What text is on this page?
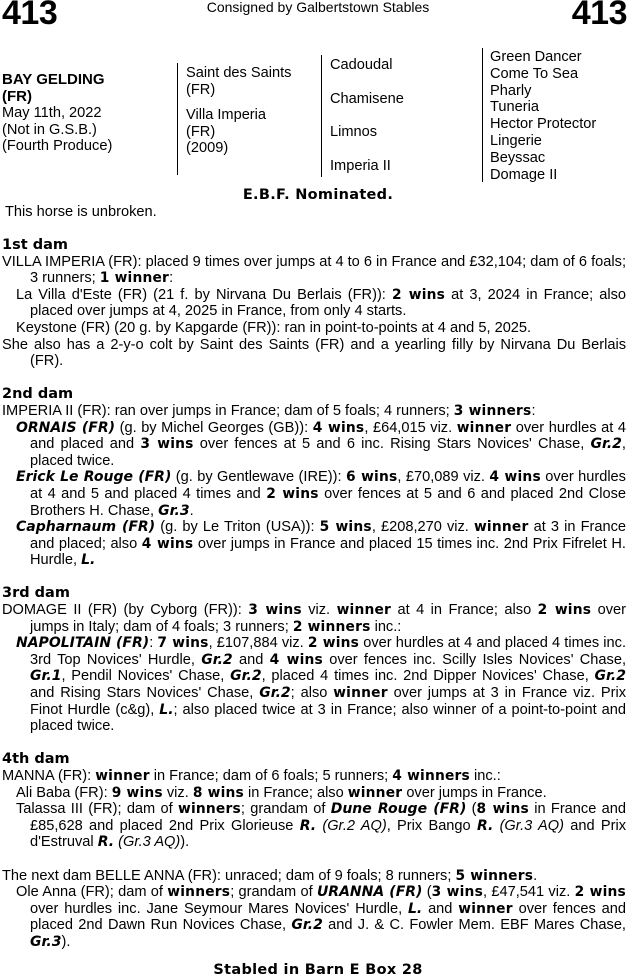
413	Consigned by Galbertstown Stables	413
BAY GELDING
(FR)
May 11th, 2022
(Not in G.S.B.)
(Fourth Produce)
Saint des Saints
(FR)
Villa Imperia
(FR)
(2009)
Cadoudal
Chamisene
Limnos
Imperia II
Green Dancer
Come To Sea
Pharly
Tuneria
Hector Protector
Lingerie
Beyssac
Domage II
E.B.F. Nominated.
This horse is unbroken.
1st dam

VILLA IMPERIA (FR): placed 9 times over jumps at 4 to 6 in France and £32,104; dam of 6 foals; 3 runners; 1 winner:

La Villa d'Este (FR) (21 f. by Nirvana Du Berlais (FR)): 2 wins at 3, 2024 in France; also placed over jumps at 4, 2025 in France, from only 4 starts.

Keystone (FR) (20 g. by Kapgarde (FR)): ran in point-to-points at 4 and 5, 2025.

She also has a 2-y-o colt by Saint des Saints (FR) and a yearling filly by Nirvana Du Berlais (FR).

2nd dam

IMPERIA II (FR): ran over jumps in France; dam of 5 foals; 4 runners; 3 winners:

ORNAIS (FR) (g. by Michel Georges (GB)): 4 wins, £64,015 viz. winner over hurdles at 4 and placed and 3 wins over fences at 5 and 6 inc. Rising Stars Novices' Chase, Gr.2, placed twice.

Erick Le Rouge (FR) (g. by Gentlewave (IRE)): 6 wins, £70,089 viz. 4 wins over hurdles at 4 and 5 and placed 4 times and 2 wins over fences at 5 and 6 and placed 2nd Close Brothers H. Chase, Gr.3.

Capharnaum (FR) (g. by Le Triton (USA)): 5 wins, £208,270 viz. winner at 3 in France and placed; also 4 wins over jumps in France and placed 15 times inc. 2nd Prix Fifrelet H. Hurdle, L.

3rd dam

DOMAGE II (FR) (by Cyborg (FR)): 3 wins viz. winner at 4 in France; also 2 wins over jumps in Italy; dam of 4 foals; 3 runners; 2 winners inc.:

NAPOLITAIN (FR): 7 wins, £107,884 viz. 2 wins over hurdles at 4 and placed 4 times inc. 3rd Top Novices' Hurdle, Gr.2 and 4 wins over fences inc. Scilly Isles Novices' Chase, Gr.1, Pendil Novices' Chase, Gr.2, placed 4 times inc. 2nd Dipper Novices' Chase, Gr.2 and Rising Stars Novices' Chase, Gr.2; also winner over jumps at 3 in France viz. Prix Finot Hurdle (c&g), L.; also placed twice at 3 in France; also winner of a point-to-point and placed twice.

4th dam

MANNA (FR): winner in France; dam of 6 foals; 5 runners; 4 winners inc.:

Ali Baba (FR): 9 wins viz. 8 wins in France; also winner over jumps in France.

Talassa III (FR); dam of winners; grandam of Dune Rouge (FR) (8 wins in France and £85,628 and placed 2nd Prix Glorieuse R. (Gr.2 AQ), Prix Bango R. (Gr.3 AQ) and Prix d'Estruval R. (Gr.3 AQ)).

The next dam BELLE ANNA (FR): unraced; dam of 9 foals; 8 runners; 5 winners.

Ole Anna (FR); dam of winners; grandam of URANNA (FR) (3 wins, £47,541 viz. 2 wins over hurdles inc. Jane Seymour Mares Novices' Hurdle, L. and winner over fences and placed 2nd Dawn Run Novices Chase, Gr.2 and J. & C. Fowler Mem. EBF Mares Chase, Gr.3).

Stabled in Barn E Box 28
